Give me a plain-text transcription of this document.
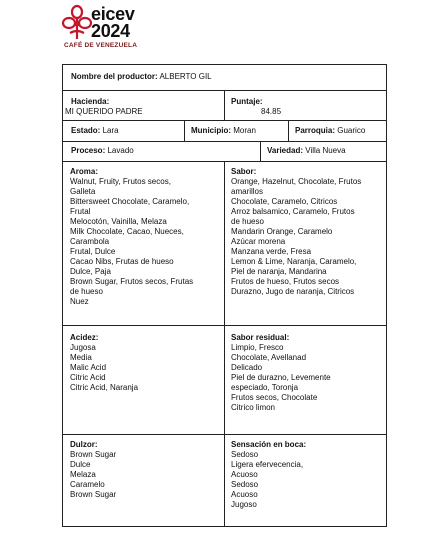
eicev
2024
CAFÉ DE VENEZUELA
Nombre del productor: ALBERTO GIL
Hacienda:
MI QUERIDO PADRE
Puntaje:
84.85
Estado: Lara	Municipio: Moran	Parroquia: Guarico
Proceso: Lavado	Variedad: Villa Nueva
Aroma:
Walnut, Fruity, Frutos secos,
Galleta
Bittersweet Chocolate, Caramelo,
Frutal
Melocotón, Vainilla, Melaza
Milk Chocolate, Cacao, Nueces,
Carambola
Frutal, Dulce
Cacao Nibs, Frutas de hueso
Dulce, Paja
Brown Sugar, Frutos secos, Frutas
de hueso
Nuez
Sabor:
Orange, Hazelnut, Chocolate, Frutos
amarillos
Chocolate, Caramelo, Citricos
Arroz balsamico, Caramelo, Frutos
de hueso
Mandarin Orange, Caramelo
Azúcar morena
Manzana verde, Fresa
Lemon & Lime, Naranja, Caramelo,
Piel de naranja, Mandarina
Frutos de hueso, Frutos secos
Durazno, Jugo de naranja, Citricos
Acidez:
Jugosa
Media
Malic Acid
Citric Acid
Citric Acid, Naranja
Sabor residual:
Limpio, Fresco
Chocolate, Avellanad
Delicado
Piel de durazno, Levemente
especiado, Toronja
Frutos secos, Chocolate
Citrico limon
Dulzor:
Brown Sugar
Dulce
Melaza
Caramelo
Brown Sugar
Sensación en boca:
Sedoso
Ligera efervecencia,
Acuoso
Sedoso
Acuoso
Jugoso
